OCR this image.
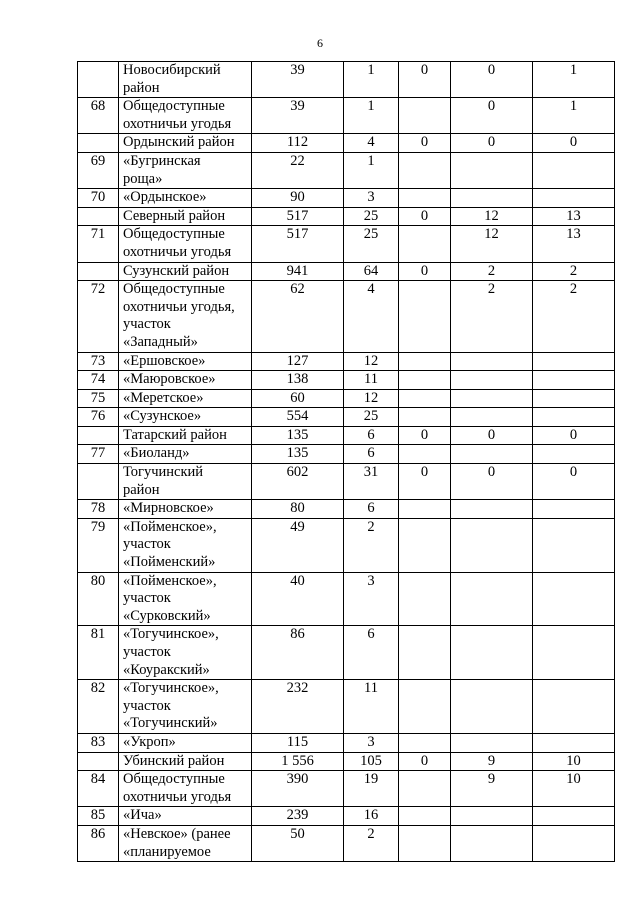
6

	Новосибирский
район	39	1	0	0	1
68	Общедоступные
охотничьи угодья	39	1		0	1

	Ордынский район	112	4	0	0	0
69	«Бугринская
роща»	22	1			
70	«Ордынское»	90	3			

	Северный район	517	25	0	12	13
71	Общедоступные
охотничьи угодья	517	25		12	13

	Сузунский район	941	64	0	2	2
72	Общедоступные
охотничьи угодья,
участок
«Западный»	62	4		2	2
73	«Ершовское»	127	12			
74	«Маюровское»	138	11			
75	«Меретское»	60	12			
76	«Сузунское»	554	25			

	Татарский район	135	6	0	0	0
77	«Биоланд»	135	6			

	Тогучинский
район	602	31	0	0	0
78	«Мирновское»	80	6			
79	«Пойменское»,
участок
«Пойменский»	49	2			
80	«Пойменское»,
участок
«Сурковский»	40	3			
81	«Тогучинское»,
участок
«Коуракский»	86	6			
82	«Тогучинское»,
участок
«Тогучинский»	232	11			
83	«Укроп»	115	3			

	Убинский район	1 556	105	0	9	10
84	Общедоступные
охотничьи угодья	390	19		9	10
85	«Ича»	239	16			
86	«Невское» (ранее
«планируемое	50	2			
